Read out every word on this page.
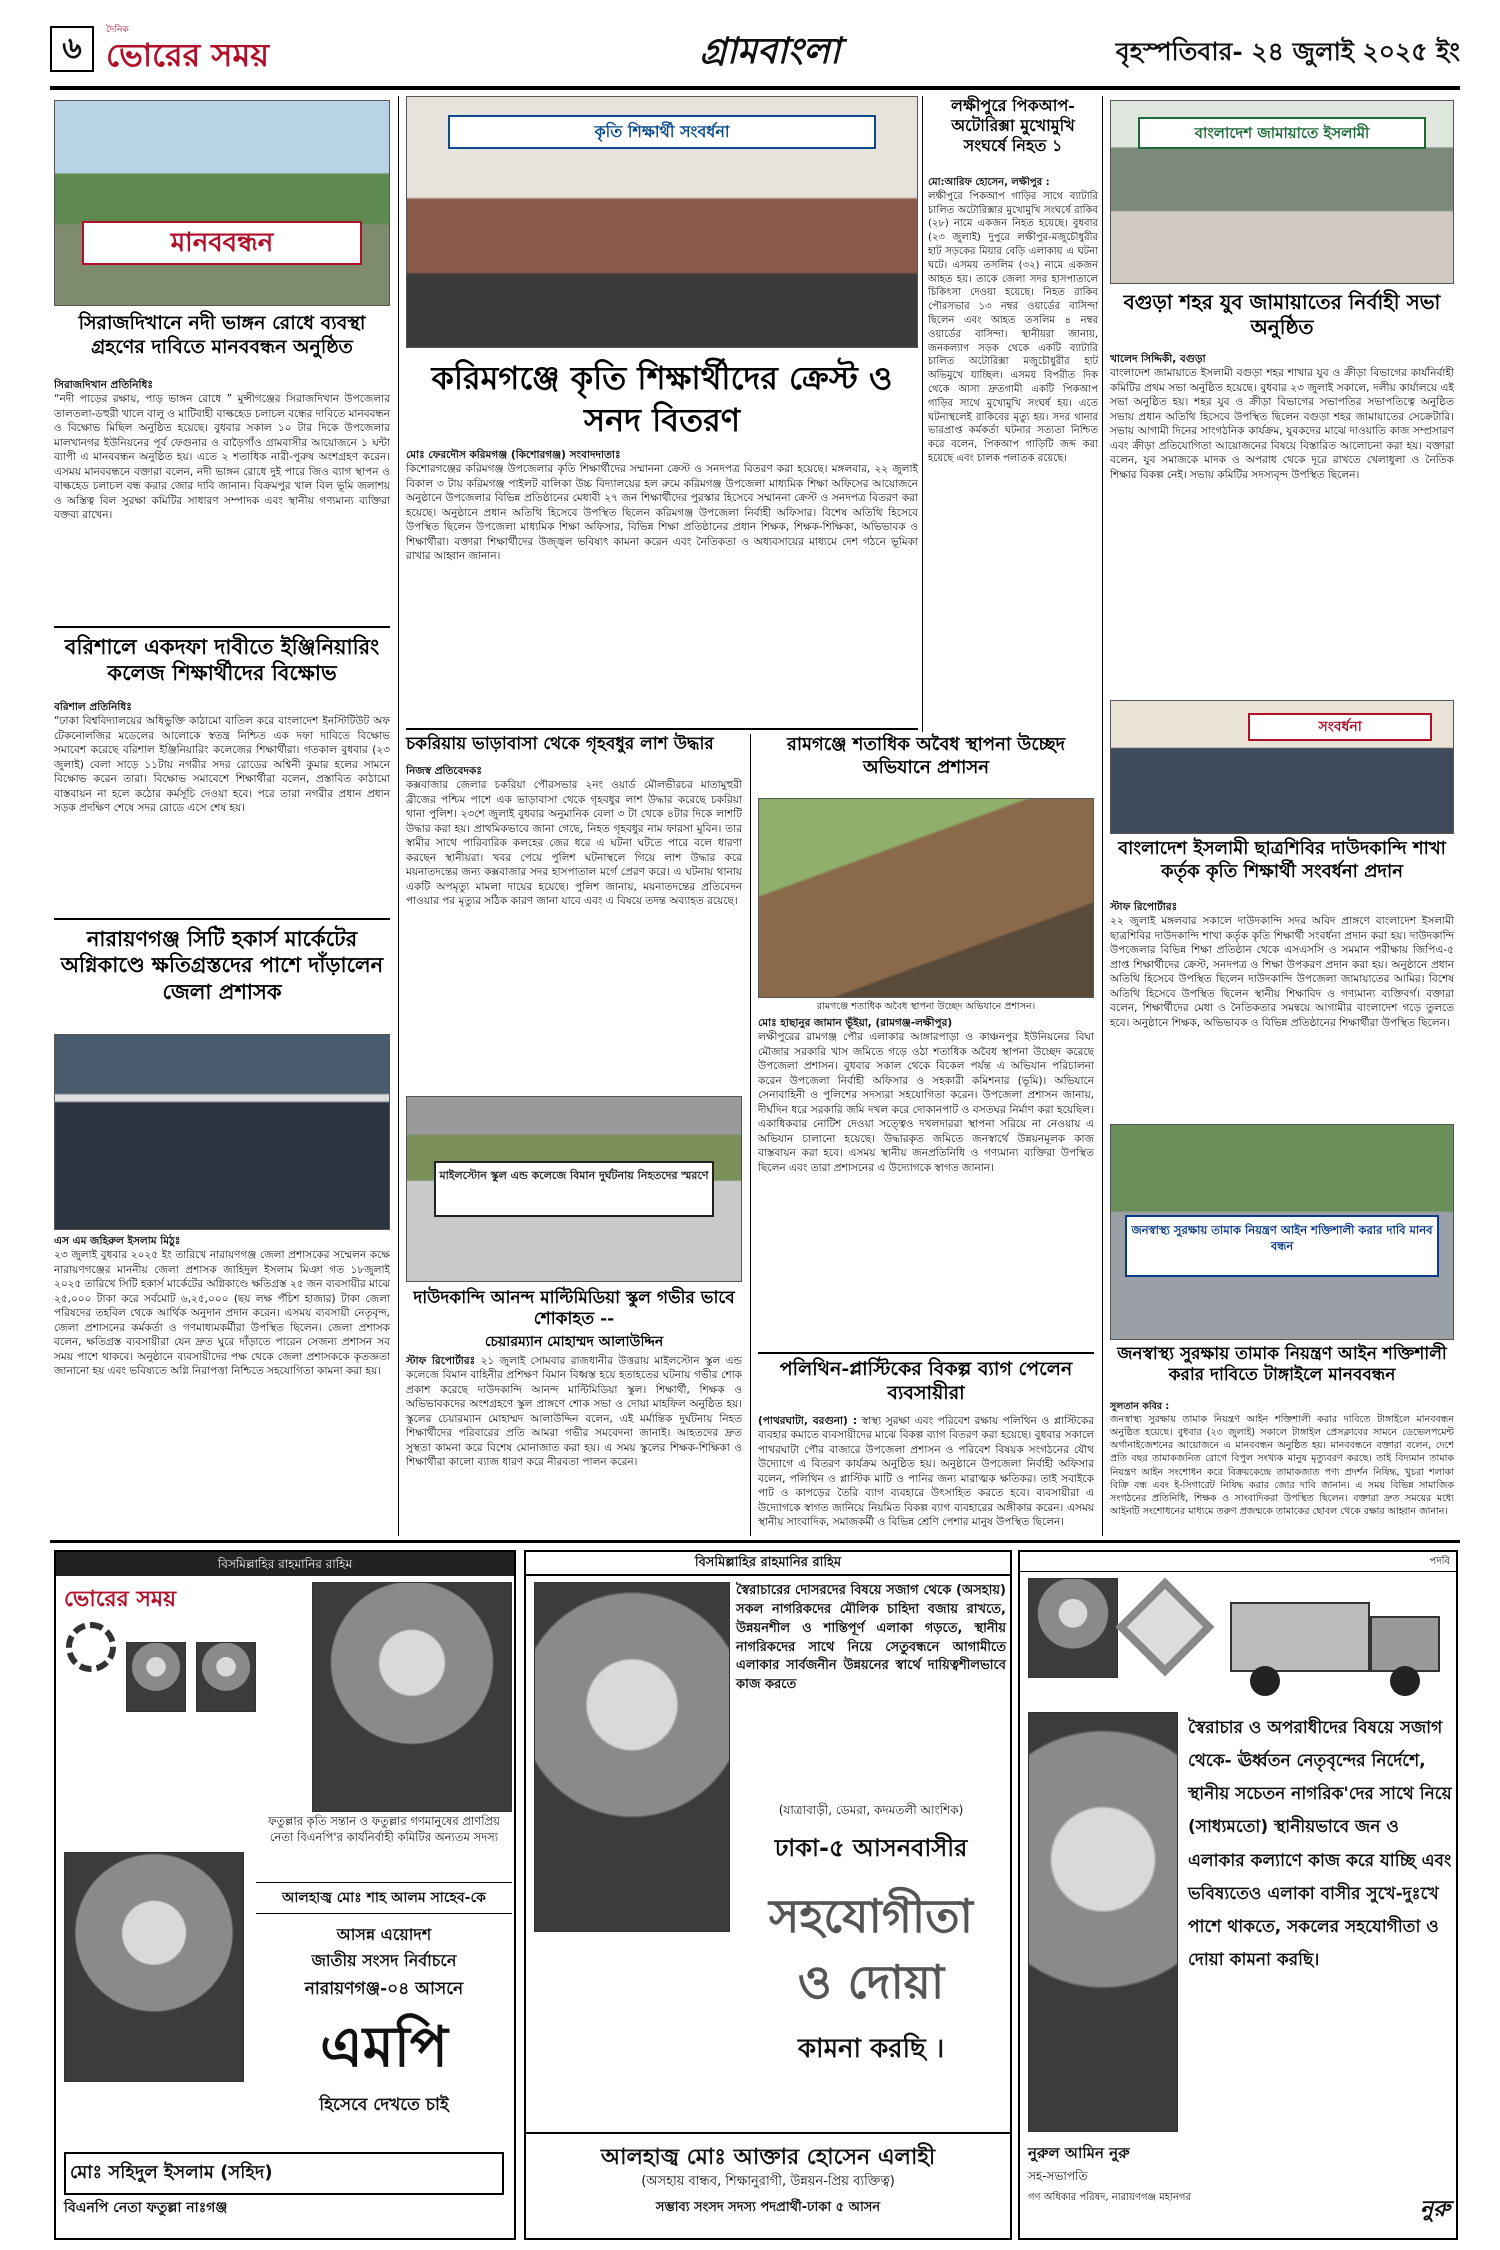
৬
দৈনিক
ভোরের সময়	গ্রামবাংলা	বৃহস্পতিবার- ২৪ জুলাই ২০২৫ ইং
মানববন্ধন
সিরাজদিখানে নদী ভাঙ্গন রোধে ব্যবস্থা গ্রহণের দাবিতে মানববন্ধন অনুষ্ঠিত
সিরাজদিখান প্রতিনিধিঃ
“নদী পাড়ের রক্ষায়, পাড় ভাঙ্গন রোধে ” মুন্সীগঞ্জের সিরাজদিখান উপজেলার তালতলা-ডহুরী খালে বালু ও মাটিবাহী বাল্কহেড চলাচল বন্ধের দাবিতে মানববন্ধন ও বিক্ষোভ মিছিল অনুষ্ঠিত হয়েছে। বুধবার সকাল ১০ টার দিকে উপজেলার মালখানগর ইউনিয়নের পূর্ব ফেগুনার ও বাড়ৈগাঁও গ্রামবাসীর আয়োজনে ১ ঘন্টা ব্যাপী এ মানববন্ধন অনুষ্ঠিত হয়। এতে ২ শতাধিক নারী-পুরুষ অংশগ্রহণ করেন। এসময় মানববন্ধনে বক্তারা বলেন, নদী ভাঙ্গন রোধে দুই পারে জিও ব্যাগ স্থাপন ও বাল্কহেড চলাচল বন্ধ করার জোর দাবি জানান। বিক্রমপুর খাল বিল ভূমি জলাশয় ও অস্তিত্ব বিল সুরক্ষা কমিটির সাধারণ সম্পাদক এবং স্থানীয় গণ্যমান্য ব্যক্তিরা বক্তব্য রাখেন।
বরিশালে একদফা দাবীতে ইঞ্জিনিয়ারিং কলেজ শিক্ষার্থীদের বিক্ষোভ
বরিশাল প্রতিনিধিঃ
“ঢাকা বিশ্ববিদ্যালয়ের অধিভুক্তি কাঠামো বাতিল করে বাংলাদেশ ইনস্টিটিউট অফ টেকনোলজির মডেলের আলোকে স্বতন্ত্র নিশ্চিত এক দফা দাবিতে বিক্ষোভ সমাবেশ করেছে বরিশাল ইঞ্জিনিয়ারিং কলেজের শিক্ষার্থীরা। গতকাল বুধবার (২৩ জুলাই) বেলা সাড়ে ১১টায় নগরীর সদর রোডের অশ্বিনী কুমার হলের সামনে বিক্ষোভ করেন তারা। বিক্ষোভ সমাবেশে শিক্ষার্থীরা বলেন, প্রস্তাবিত কাঠামো বাস্তবায়ন না হলে কঠোর কর্মসূচি দেওয়া হবে। পরে তারা নগরীর প্রধান প্রধান সড়ক প্রদক্ষিণ শেষে সদর রোডে এসে শেষ হয়।
নারায়ণগঞ্জ সিটি হকার্স মার্কেটের অগ্নিকাণ্ডে ক্ষতিগ্রস্তদের পাশে দাঁড়ালেন জেলা প্রশাসক
এস এম জহিরুল ইসলাম মিঠুঃ
২৩ জুলাই বুধবার ২০২৫ ইং তারিখে নারায়ণগঞ্জ জেলা প্রশাসকের সম্মেলন কক্ষে নারায়ণগঞ্জের মাননীয় জেলা প্রশাসক জাহিদুল ইসলাম মিঞা গত ১৮জুলাই ২০২৫ তারিখে সিটি হকার্স মার্কেটের অগ্নিকাণ্ডে ক্ষতিগ্রস্ত ২৫ জন ব্যবসায়ীর মাঝে ২৫,০০০ টাকা করে সর্বমোট ৬,২৫,০০০ (ছয় লক্ষ পঁচিশ হাজার) টাকা জেলা পরিষদের তহবিল থেকে আর্থিক অনুদান প্রদান করেন। এসময় ব্যবসায়ী নেতৃবৃন্দ, জেলা প্রশাসনের কর্মকর্তা ও গণমাধ্যমকর্মীরা উপস্থিত ছিলেন। জেলা প্রশাসক বলেন, ক্ষতিগ্রস্ত ব্যবসায়ীরা যেন দ্রুত ঘুরে দাঁড়াতে পারেন সেজন্য প্রশাসন সব সময় পাশে থাকবে। অনুষ্ঠানে ব্যবসায়ীদের পক্ষ থেকে জেলা প্রশাসককে কৃতজ্ঞতা জানানো হয় এবং ভবিষ্যতে অগ্নি নিরাপত্তা নিশ্চিতে সহযোগিতা কামনা করা হয়।
কৃতি শিক্ষার্থী সংবর্ধনা
করিমগঞ্জে কৃতি শিক্ষার্থীদের ক্রেস্ট ও সনদ বিতরণ
মোঃ ফেরদৌস করিমগঞ্জ (কিশোরগঞ্জ) সংবাদদাতাঃ
কিশোরগঞ্জের করিমগঞ্জ উপজেলার কৃতি শিক্ষার্থীদের সম্মাননা ক্রেস্ট ও সনদপত্র বিতরণ করা হয়েছে। মঙ্গলবার, ২২ জুলাই বিকাল ৩ টায় করিমগঞ্জ পাইলট বালিকা উচ্চ বিদ্যালয়ের হল রুমে করিমগঞ্জ উপজেলা মাধ্যমিক শিক্ষা অফিসের আয়োজনে অনুষ্ঠানে উপজেলার বিভিন্ন প্রতিষ্ঠানের মেধাবী ২৭ জন শিক্ষার্থীদের পুরস্কার হিসেবে সম্মাননা ক্রেস্ট ও সনদপত্র বিতরণ করা হয়েছে। অনুষ্ঠানে প্রধান অতিথি হিসেবে উপস্থিত ছিলেন করিমগঞ্জ উপজেলা নির্বাহী অফিসার। বিশেষ অতিথি হিসেবে উপস্থিত ছিলেন উপজেলা মাধ্যমিক শিক্ষা অফিসার, বিভিন্ন শিক্ষা প্রতিষ্ঠানের প্রধান শিক্ষক, শিক্ষক-শিক্ষিকা, অভিভাবক ও শিক্ষার্থীরা। বক্তারা শিক্ষার্থীদের উজ্জ্বল ভবিষ্যৎ কামনা করেন এবং নৈতিকতা ও অধ্যবসায়ের মাধ্যমে দেশ গঠনে ভূমিকা রাখার আহ্বান জানান।
চকরিয়ায় ভাড়াবাসা থেকে গৃহবধুর লাশ উদ্ধার
নিজস্ব প্রতিবেদকঃ
কক্সবাজার জেলার চকরিয়া পৌরসভার ২নং ওয়ার্ড মৌলভীরচর মাতামুহুরী ব্রীজের পশ্চিম পাশে এক ভাড়াবাসা থেকে গৃহবধুর লাশ উদ্ধার করেছে চকরিয়া থানা পুলিশ। ২৩শে জুলাই বুধবার অনুমানিক বেলা ৩ টা থেকে ৪টার দিকে লাশটি উদ্ধার করা হয়। প্রাথমিকভাবে জানা গেছে, নিহত গৃহবধুর নাম ফারসা মুবিন। তার স্বামীর সাথে পারিবারিক কলহের জের ধরে এ ঘটনা ঘটতে পারে বলে ধারণা করছেন স্থানীয়রা। খবর পেয়ে পুলিশ ঘটনাস্থলে গিয়ে লাশ উদ্ধার করে ময়নাতদন্তের জন্য কক্সবাজার সদর হাসপাতাল মর্গে প্রেরণ করে। এ ঘটনায় থানায় একটি অপমৃত্যু মামলা দায়ের হয়েছে। পুলিশ জানায়, ময়নাতদন্তের প্রতিবেদন পাওয়ার পর মৃত্যুর সঠিক কারণ জানা যাবে এবং এ বিষয়ে তদন্ত অব্যাহত রয়েছে।
মাইলস্টোন স্কুল এন্ড কলেজে বিমান দুর্ঘটনায় নিহতদের স্মরণে
দাউদকান্দি আনন্দ মাল্টিমিডিয়া স্কুল গভীর ভাবে শোকাহত --
চেয়ারম্যান মোহাম্মদ আলাউদ্দিন
স্টাফ রিপোর্টারঃ ২১ জুলাই সোমবার রাজধানীর উত্তরায় মাইলস্টোন স্কুল এন্ড কলেজে বিমান বাহিনীর প্রশিক্ষণ বিমান বিধ্বস্ত হয়ে হতাহতের ঘটনায় গভীর শোক প্রকাশ করেছে দাউদকান্দি আনন্দ মাল্টিমিডিয়া স্কুল। শিক্ষার্থী, শিক্ষক ও অভিভাবকদের অংশগ্রহণে স্কুল প্রাঙ্গণে শোক সভা ও দোয়া মাহফিল অনুষ্ঠিত হয়। স্কুলের চেয়ারম্যান মোহাম্মদ আলাউদ্দিন বলেন, এই মর্মান্তিক দুর্ঘটনায় নিহত শিক্ষার্থীদের পরিবারের প্রতি আমরা গভীর সমবেদনা জানাই। আহতদের দ্রুত সুস্থতা কামনা করে বিশেষ মোনাজাত করা হয়। এ সময় স্কুলের শিক্ষক-শিক্ষিকা ও শিক্ষার্থীরা কালো ব্যাজ ধারণ করে নীরবতা পালন করেন।
রামগঞ্জে শতাধিক অবৈধ স্থাপনা উচ্ছেদ অভিযানে প্রশাসন
রামগঞ্জে শতাধিক অবৈধ স্থাপনা উচ্ছেদ অভিযানে প্রশাসন।
মোঃ হাছানুর জামান ভূঁইয়া, (রামগঞ্জ-লক্ষীপুর)
লক্ষীপুরের রামগঞ্জ পৌর এলাকার আঙ্গারপাড়া ও কাঞ্চনপুর ইউনিয়নের বিঘা মৌজার সরকারি খাস জমিতে গড়ে ওঠা শতাধিক অবৈধ স্থাপনা উচ্ছেদ করেছে উপজেলা প্রশাসন। বুধবার সকাল থেকে বিকেল পর্যন্ত এ অভিযান পরিচালনা করেন উপজেলা নির্বাহী অফিসার ও সহকারী কমিশনার (ভূমি)। অভিযানে সেনাবাহিনী ও পুলিশের সদস্যরা সহযোগিতা করেন। উপজেলা প্রশাসন জানায়, দীর্ঘদিন ধরে সরকারি জমি দখল করে দোকানপাট ও বসতঘর নির্মাণ করা হয়েছিল। একাধিকবার নোটিশ দেওয়া সত্ত্বেও দখলদাররা স্থাপনা সরিয়ে না নেওয়ায় এ অভিযান চালানো হয়েছে। উদ্ধারকৃত জমিতে জনস্বার্থে উন্নয়নমূলক কাজ বাস্তবায়ন করা হবে। এসময় স্থানীয় জনপ্রতিনিধি ও গণ্যমান্য ব্যক্তিরা উপস্থিত ছিলেন এবং তারা প্রশাসনের এ উদ্যোগকে স্বাগত জানান।
পলিথিন-প্লাস্টিকের বিকল্প ব্যাগ পেলেন ব্যবসায়ীরা
(পাথরঘাটা, বরগুনা) : স্বাস্থ্য সুরক্ষা এবং পরিবেশ রক্ষায় পলিথিন ও প্লাস্টিকের ব্যবহার কমাতে ব্যবসায়ীদের মাঝে বিকল্প ব্যাগ বিতরণ করা হয়েছে। বুধবার সকালে পাথরঘাটা পৌর বাজারে উপজেলা প্রশাসন ও পরিবেশ বিষয়ক সংগঠনের যৌথ উদ্যোগে এ বিতরণ কার্যক্রম অনুষ্ঠিত হয়। অনুষ্ঠানে উপজেলা নির্বাহী অফিসার বলেন, পলিথিন ও প্লাস্টিক মাটি ও পানির জন্য মারাত্মক ক্ষতিকর। তাই সবাইকে পাট ও কাপড়ের তৈরি ব্যাগ ব্যবহারে উৎসাহিত করতে হবে। ব্যবসায়ীরা এ উদ্যোগকে স্বাগত জানিয়ে নিয়মিত বিকল্প ব্যাগ ব্যবহারের অঙ্গীকার করেন। এসময় স্থানীয় সাংবাদিক, সমাজকর্মী ও বিভিন্ন শ্রেণি পেশার মানুষ উপস্থিত ছিলেন।
লক্ষীপুরে পিকআপ-অটোরিক্সা মুখোমুখি সংঘর্ষে নিহত ১
মো:আরিফ হোসেন, লক্ষীপুর :
লক্ষীপুরে পিকআপ গাড়ির সাথে ব্যাটারি চালিত অটোরিক্সার মুখোমুখি সংঘর্ষে রাকিব (২৮) নামে একজন নিহত হয়েছে। বুধবার (২৩ জুলাই) দুপুরে লক্ষীপুর-মজুচৌধুরীর হাট সড়কের মিয়ার বেড়ি এলাকায় এ ঘটনা ঘটে। এসময় তসলিম (৩২) নামে একজন আহত হয়। তাকে জেলা সদর হাসপাতালে চিকিৎসা দেওয়া হয়েছে। নিহত রাকিব পৌরসভার ১৩ নম্বর ওয়ার্ডের বাসিন্দা ছিলেন এবং আহত তসলিম ৪ নম্বর ওয়ার্ডের বাসিন্দা। স্থানীয়রা জানায়, জনকল্যাণ সড়ক থেকে একটি ব্যাটারি চালিত অটোরিক্সা মজুচৌধুরীর হাট অভিমুখে যাচ্ছিল। এসময় বিপরীত দিক থেকে আসা দ্রুতগামী একটি পিকআপ গাড়ির সাথে মুখোমুখি সংঘর্ষ হয়। এতে ঘটনাস্থলেই রাকিবের মৃত্যু হয়। সদর থানার ভারপ্রাপ্ত কর্মকর্তা ঘটনার সত্যতা নিশ্চিত করে বলেন, পিকআপ গাড়িটি জব্দ করা হয়েছে এবং চালক পলাতক রয়েছে।
বাংলাদেশ জামায়াতে ইসলামী
বগুড়া শহর যুব জামায়াতের নির্বাহী সভা অনুষ্ঠিত
খালেদ সিদ্দিকী, বগুড়া
বাংলাদেশ জামায়াতে ইসলামী বগুড়া শহর শাখার যুব ও ক্রীড়া বিভাগের কার্যনির্বাহী কমিটির প্রথম সভা অনুষ্ঠিত হয়েছে। বুধবার ২৩ জুলাই সকালে, দলীয় কার্যালয়ে এই সভা অনুষ্ঠিত হয়। শহর যুব ও ক্রীড়া বিভাগের সভাপতির সভাপতিত্বে অনুষ্ঠিত সভায় প্রধান অতিথি হিসেবে উপস্থিত ছিলেন বগুড়া শহর জামায়াতের সেক্রেটারি। সভায় আগামী দিনের সাংগঠনিক কার্যক্রম, যুবকদের মাঝে দাওয়াতি কাজ সম্প্রসারণ এবং ক্রীড়া প্রতিযোগিতা আয়োজনের বিষয়ে বিস্তারিত আলোচনা করা হয়। বক্তারা বলেন, যুব সমাজকে মাদক ও অপরাধ থেকে দূরে রাখতে খেলাধুলা ও নৈতিক শিক্ষার বিকল্প নেই। সভায় কমিটির সদস্যবৃন্দ উপস্থিত ছিলেন।
সংবর্ধনা
বাংলাদেশ ইসলামী ছাত্রশিবির দাউদকান্দি শাখা কর্তৃক কৃতি শিক্ষার্থী সংবর্ধনা প্রদান
স্টাফ রিপোর্টারঃ
২২ জুলাই মঙ্গলবার সকালে দাউদকান্দি সদর অবিদ প্রাঙ্গণে বাংলাদেশ ইসলামী ছাত্রশিবির দাউদকান্দি শাখা কর্তৃক কৃতি শিক্ষার্থী সংবর্ধনা প্রদান করা হয়। দাউদকান্দি উপজেলার বিভিন্ন শিক্ষা প্রতিষ্ঠান থেকে এসএসসি ও সমমান পরীক্ষায় জিপিএ-৫ প্রাপ্ত শিক্ষার্থীদের ক্রেস্ট, সনদপত্র ও শিক্ষা উপকরণ প্রদান করা হয়। অনুষ্ঠানে প্রধান অতিথি হিসেবে উপস্থিত ছিলেন দাউদকান্দি উপজেলা জামায়াতের আমির। বিশেষ অতিথি হিসেবে উপস্থিত ছিলেন স্থানীয় শিক্ষাবিদ ও গণ্যমান্য ব্যক্তিবর্গ। বক্তারা বলেন, শিক্ষার্থীদের মেধা ও নৈতিকতার সমন্বয়ে আগামীর বাংলাদেশ গড়ে তুলতে হবে। অনুষ্ঠানে শিক্ষক, অভিভাবক ও বিভিন্ন প্রতিষ্ঠানের শিক্ষার্থীরা উপস্থিত ছিলেন।
জনস্বাস্থ্য সুরক্ষায় তামাক নিয়ন্ত্রণ আইন শক্তিশালী করার দাবি মানব বন্ধন
জনস্বাস্থ্য সুরক্ষায় তামাক নিয়ন্ত্রণ আইন শক্তিশালী করার দাবিতে টাঙ্গাইলে মানববন্ধন
সুলতান কবির :
জনস্বাস্থ্য সুরক্ষায় তামাক নিয়ন্ত্রণ আইন শক্তিশালী করার দাবিতে টাঙ্গাইলে মানববন্ধন অনুষ্ঠিত হয়েছে। বুধবার (২৩ জুলাই) সকালে টাঙ্গাইল প্রেসক্লাবের সামনে ডেভেলপমেন্ট অর্গানাইজেশনের আয়োজনে এ মানববন্ধন অনুষ্ঠিত হয়। মানববন্ধনে বক্তারা বলেন, দেশে প্রতি বছর তামাকজনিত রোগে বিপুল সংখ্যক মানুষ মৃত্যুবরণ করছে। তাই বিদ্যমান তামাক নিয়ন্ত্রণ আইন সংশোধন করে বিক্রয়কেন্দ্রে তামাকজাত পণ্য প্রদর্শন নিষিদ্ধ, খুচরা শলাকা বিক্রি বন্ধ এবং ই-সিগারেট নিষিদ্ধ করার জোর দাবি জানান। এ সময় বিভিন্ন সামাজিক সংগঠনের প্রতিনিধি, শিক্ষক ও সাংবাদিকরা উপস্থিত ছিলেন। বক্তারা দ্রুত সময়ের মধ্যে আইনটি সংশোধনের মাধ্যমে তরুণ প্রজন্মকে তামাকের ছোবল থেকে রক্ষার আহ্বান জানান।
বিসমিল্লাহির রাহমানির রাহিম
ভোরের সময়
ফতুল্লার কৃতি সন্তান ও ফতুল্লার গণমানুষের প্রাণপ্রিয় নেতা বিএনপি'র কার্যনির্বাহী কমিটির অন্যতম সদস্য
আলহাজ্ব মোঃ শাহ আলম সাহেব-কে
আসন্ন এয়োদশ
জাতীয় সংসদ নির্বাচনে
নারায়ণগঞ্জ-০৪ আসনে
এমপি
হিসেবে দেখতে চাই
মোঃ সহিদুল ইসলাম (সহিদ)
বিএনপি নেতা ফতুল্লা নাঃগঞ্জ
বিসমিল্লাহির রাহমানির রাহিম
স্বৈরাচারের দোসরদের বিষয়ে সজাগ থেকে (অসহায়) সকল নাগরিকদের মৌলিক চাহিদা বজায় রাখতে, উন্নয়নশীল ও শান্তিপূর্ণ এলাকা গড়তে, স্থানীয় নাগরিকদের সাথে নিয়ে সেতুবন্ধনে আগামীতে এলাকার সার্বজনীন উন্নয়নের স্বার্থে দায়িত্বশীলভাবে কাজ করতে
(যাত্রাবাড়ী, ডেমরা, কদমতলী আংশিক)
ঢাকা-৫ আসনবাসীর
সহযোগীতা
ও দোয়া
কামনা করছি ।
আলহাজ্ব মোঃ আক্তার হোসেন এলাহী
(অসহায় বান্ধব, শিক্ষানুরাগী, উন্নয়ন-প্রিয় ব্যক্তিত্ব)
সম্ভাব্য সংসদ সদস্য পদপ্রার্থী-ঢাকা ৫ আসন
পদবি
স্বৈরাচার ও অপরাধীদের বিষয়ে সজাগ থেকে- ঊর্ধ্বতন নেতৃবৃন্দের নির্দেশে, স্থানীয় সচেতন নাগরিক'দের সাথে নিয়ে (সাধ্যমতো) স্থানীয়ভাবে জন ও এলাকার কল্যাণে কাজ করে যাচ্ছি এবং ভবিষ্যতেও এলাকা বাসীর সুখে-দুঃখে পাশে থাকতে, সকলের সহযোগীতা ও দোয়া কামনা করছি।
নুরুল আমিন নুরু
সহ-সভাপতি
গণ অধিকার পরিষদ, নারায়ণগঞ্জ মহানগর	নুরু
